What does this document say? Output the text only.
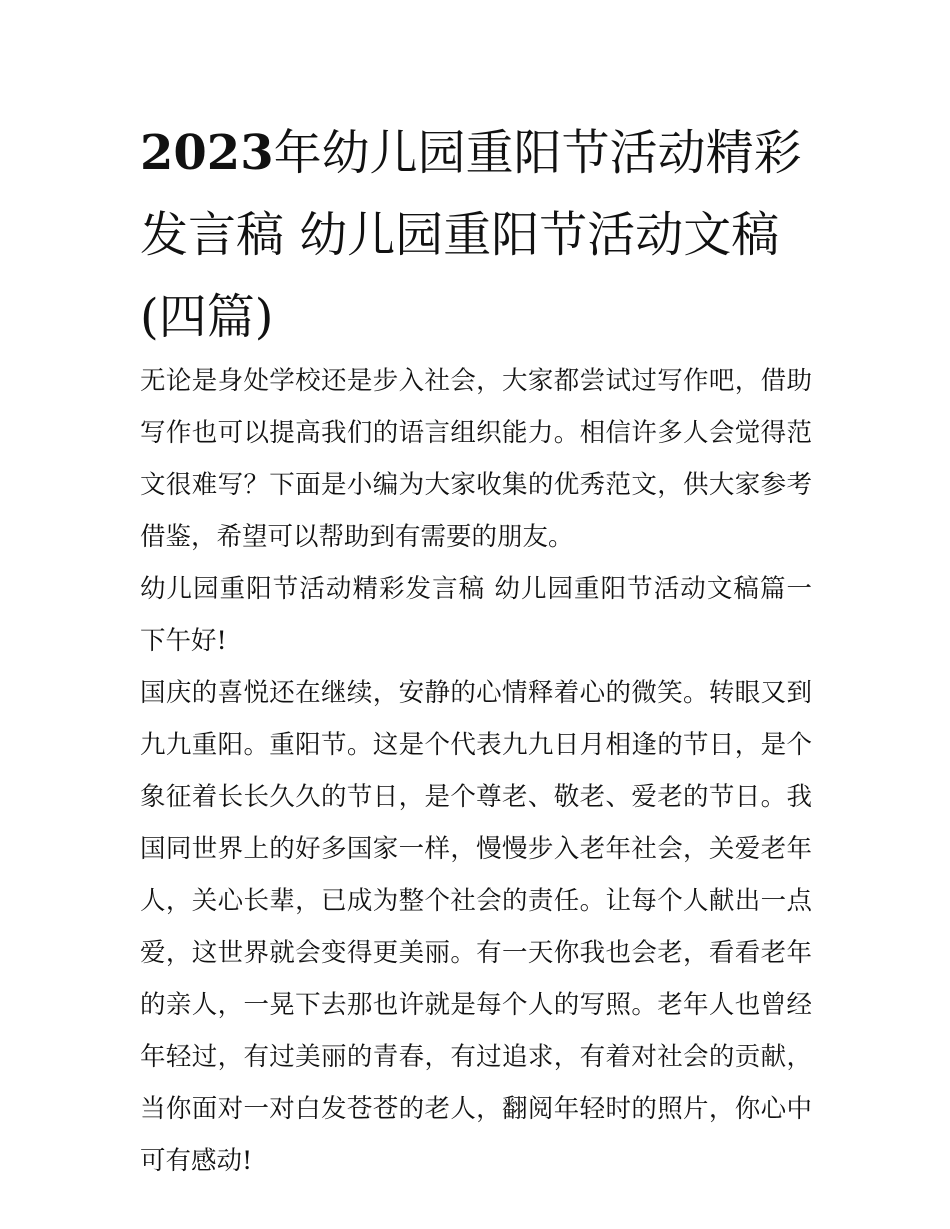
2023年幼儿园重阳节活动精彩发言稿 幼儿园重阳节活动文稿(四篇)

无论是身处学校还是步入社会，大家都尝试过写作吧，借助写作也可以提高我们的语言组织能力。相信许多人会觉得范文很难写？下面是小编为大家收集的优秀范文，供大家参考借鉴，希望可以帮助到有需要的朋友。

幼儿园重阳节活动精彩发言稿 幼儿园重阳节活动文稿篇一 下午好!

国庆的喜悦还在继续，安静的心情释着心的微笑。转眼又到九九重阳。重阳节。这是个代表九九日月相逢的节日，是个象征着长长久久的节日，是个尊老、敬老、爱老的节日。我国同世界上的好多国家一样，慢慢步入老年社会，关爱老年人，关心长辈，已成为整个社会的责任。让每个人献出一点爱，这世界就会变得更美丽。有一天你我也会老，看看老年的亲人，一晃下去那也许就是每个人的写照。老年人也曾经年轻过，有过美丽的青春，有过追求，有着对社会的贡献，当你面对一对白发苍苍的老人，翻阅年轻时的照片，你心中可有感动!
